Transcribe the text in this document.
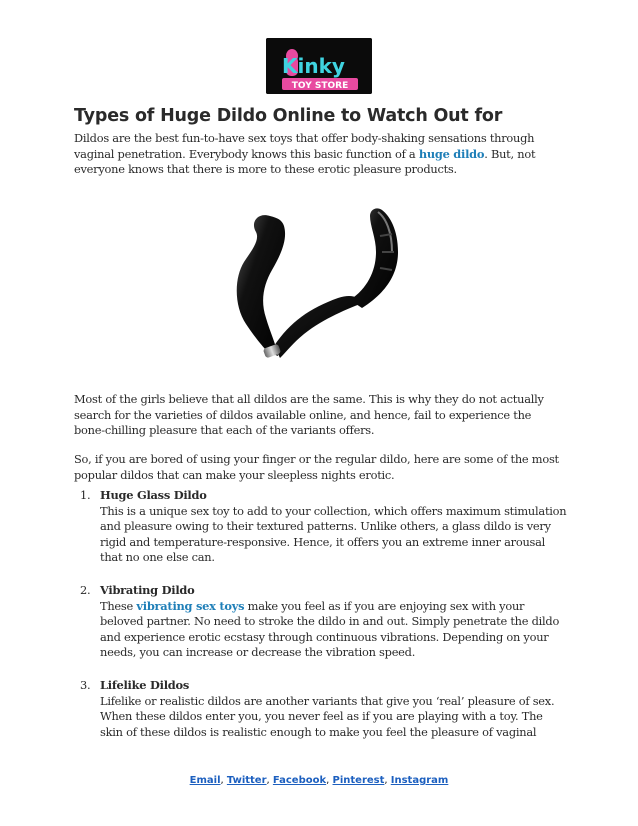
Kinky
TOY STORE
Types of Huge Dildo Online to Watch Out for

Dildos are the best fun-to-have sex toys that offer body-shaking sensations through vaginal penetration. Everybody knows this basic function of a huge dildo. But, not everyone knows that there is more to these erotic pleasure products.

Most of the girls believe that all dildos are the same. This is why they do not actually search for the varieties of dildos available online, and hence, fail to experience the bone-chilling pleasure that each of the variants offers.

So, if you are bored of using your finger or the regular dildo, here are some of the most popular dildos that can make your sleepless nights erotic.

1. Huge Glass Dildo
This is a unique sex toy to add to your collection, which offers maximum stimulation and pleasure owing to their textured patterns. Unlike others, a glass dildo is very rigid and temperature-responsive. Hence, it offers you an extreme inner arousal that no one else can.
2. Vibrating Dildo
These vibrating sex toys make you feel as if you are enjoying sex with your beloved partner. No need to stroke the dildo in and out. Simply penetrate the dildo and experience erotic ecstasy through continuous vibrations. Depending on your needs, you can increase or decrease the vibration speed.
3. Lifelike Dildos
Lifelike or realistic dildos are another variants that give you ‘real’ pleasure of sex. When these dildos enter you, you never feel as if you are playing with a toy. The skin of these dildos is realistic enough to make you feel the pleasure of vaginal
Email, Twitter, Facebook, Pinterest, Instagram
